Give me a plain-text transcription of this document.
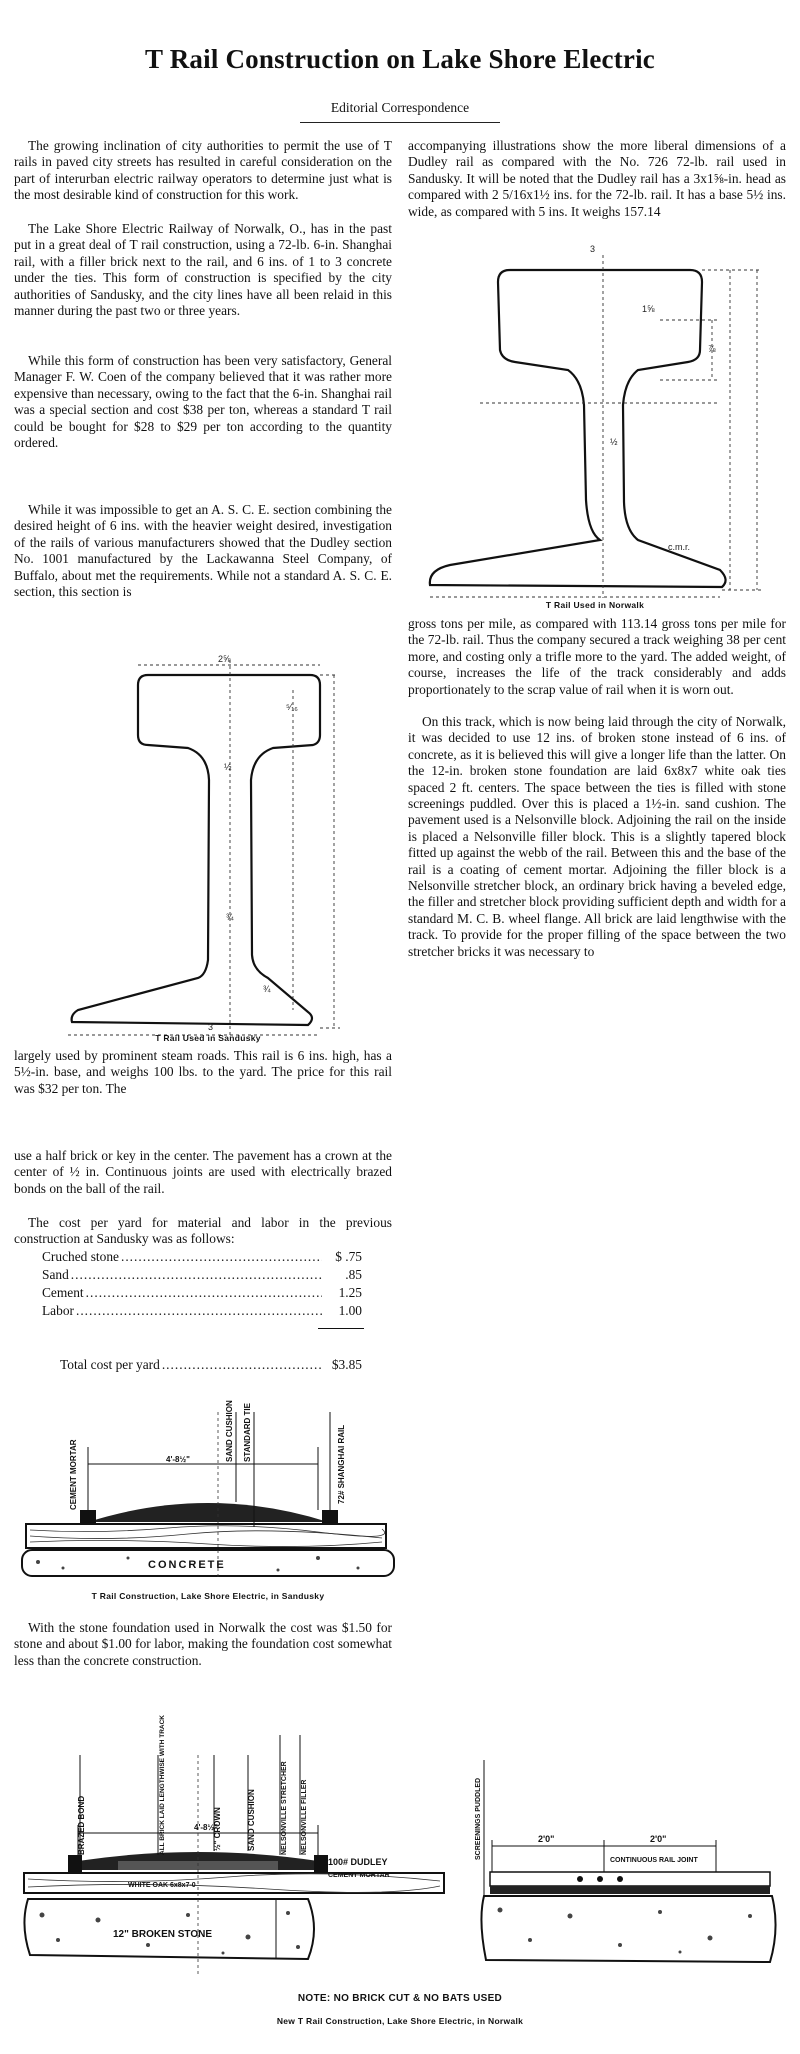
T Rail Construction on Lake Shore Electric
Editorial Correspondence

The growing inclination of city authorities to permit the use of T rails in paved city streets has resulted in careful consideration on the part of interurban electric railway operators to determine just what is the most desirable kind of construction for this work.

The Lake Shore Electric Railway of Norwalk, O., has in the past put in a great deal of T rail construction, using a 72-lb. 6-in. Shanghai rail, with a filler brick next to the rail, and 6 ins. of 1 to 3 concrete under the ties. This form of construction is specified by the city authorities of Sandusky, and the city lines have all been relaid in this manner during the past two or three years.

While this form of construction has been very satisfactory, General Manager F. W. Coen of the company believed that it was rather more expensive than necessary, owing to the fact that the 6-in. Shanghai rail was a special section and cost $38 per ton, whereas a standard T rail could be bought for $28 to $29 per ton according to the quantity ordered.

While it was impossible to get an A. S. C. E. section combining the desired height of 6 ins. with the heavier weight desired, investigation of the rails of various manufacturers showed that the Dudley section No. 1001 manufactured by the Lackawanna Steel Company, of Buffalo, about met the requirements. While not a standard A. S. C. E. section, this section is

2⅝
⁵⁄₁₆
½
¾
¾
3
T Rail Used in Sandusky

largely used by prominent steam roads. This rail is 6 ins. high, has a 5½-in. base, and weighs 100 lbs. to the yard. The price for this rail was $32 per ton. The

accompanying illustrations show the more liberal dimensions of a Dudley rail as compared with the No. 726 72-lb. rail used in Sandusky. It will be noted that the Dudley rail has a 3x1⅝-in. head as compared with 2 5/16x1½ ins. for the 72-lb. rail. It has a base 5½ ins. wide, as compared with 5 ins. It weighs 157.14

3
1⅝
⅞
½
c.m.r.
T Rail Used in Norwalk

gross tons per mile, as compared with 113.14 gross tons per mile for the 72-lb. rail. Thus the company secured a track weighing 38 per cent more, and costing only a trifle more to the yard. The added weight, of course, increases the life of the track considerably and adds proportionately to the scrap value of rail when it is worn out.

On this track, which is now being laid through the city of Norwalk, it was decided to use 12 ins. of broken stone instead of 6 ins. of concrete, as it is believed this will give a longer life than the latter. On the 12-in. broken stone foundation are laid 6x8x7 white oak ties spaced 2 ft. centers. The space between the ties is filled with stone screenings puddled. Over this is placed a 1½-in. sand cushion. The pavement used is a Nelsonville block. Adjoining the rail on the inside is placed a Nelsonville filler block. This is a slightly tapered block fitted up against the webb of the rail. Between this and the base of the rail is a coating of cement mortar. Adjoining the filler block is a Nelsonville stretcher block, an ordinary brick having a beveled edge, the filler and stretcher block providing sufficient depth and width for a standard M. C. B. wheel flange. All brick are laid lengthwise with the track. To provide for the proper filling of the space between the two stretcher bricks it was necessary to

use a half brick or key in the center. The pavement has a crown at the center of ½ in. Continuous joints are used with electrically brazed bonds on the ball of the rail.

The cost per yard for material and labor in the previous construction at Sandusky was as follows:

Cruched stone .....	$ .75
Sand .....	.85
Cement .....	1.25
Labor .....	1.00
Total cost per yard .....	$3.85
4'-8½"
CONCRETE
CEMENT MORTAR
SAND CUSHION STANDARD TIE	72# SHANGHAI RAIL
T Rail Construction, Lake Shore Electric, in Sandusky

With the stone foundation used in Norwalk the cost was $1.50 for stone and about $1.00 for labor, making the foundation cost somewhat less than the concrete construction.

4'-8½"
100# DUDLEY
CEMENT MORTAR
WHITE OAK 6x8x7-0
12" BROKEN STONE
BRAZED BOND	ALL BRICK LAID LENGTHWISE WITH TRACK	½" CROWN	SAND CUSHION	NELSONVILLE STRETCHER NELSONVILLE FILLER	2'0"	2'0"
CONTINUOUS RAIL JOINT
SCREENINGS PUDDLED
NOTE: NO BRICK CUT & NO BATS USED
New T Rail Construction, Lake Shore Electric, in Norwalk
